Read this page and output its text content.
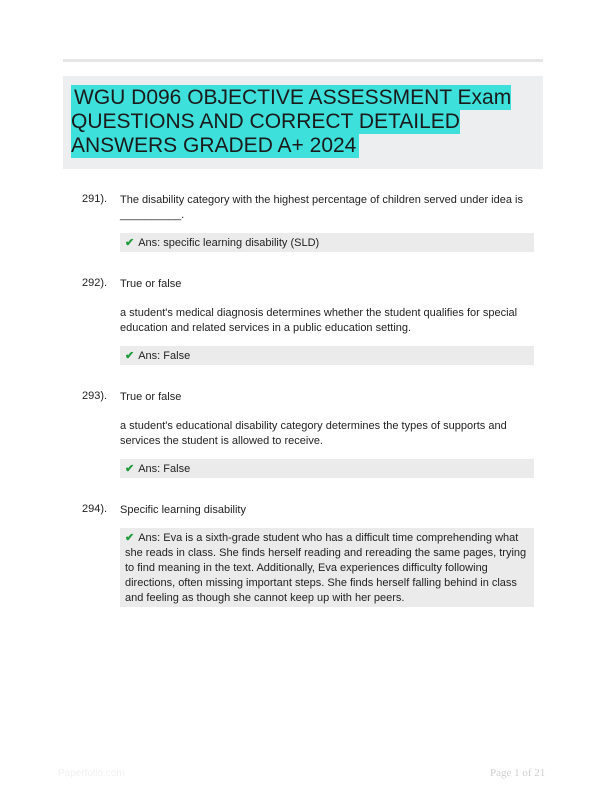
WGU D096 OBJECTIVE ASSESSMENT Exam QUESTIONS AND CORRECT DETAILED ANSWERS GRADED A+ 2024
291). The disability category with the highest percentage of children served under idea is
__________.
✔ Ans: specific learning disability (SLD)
292). True or false
a student's medical diagnosis determines whether the student qualifies for special education and related services in a public education setting.
✔ Ans: False
293). True or false
a student's educational disability category determines the types of supports and services the student is allowed to receive.
✔ Ans: False
294). Specific learning disability
✔ Ans: Eva is a sixth-grade student who has a difficult time comprehending what she reads in class. She finds herself reading and rereading the same pages, trying to find meaning in the text. Additionally, Eva experiences difficulty following directions, often missing important steps. She finds herself falling behind in class and feeling as though she cannot keep up with her peers.
Paperfolio.com	Page 1 of 21
